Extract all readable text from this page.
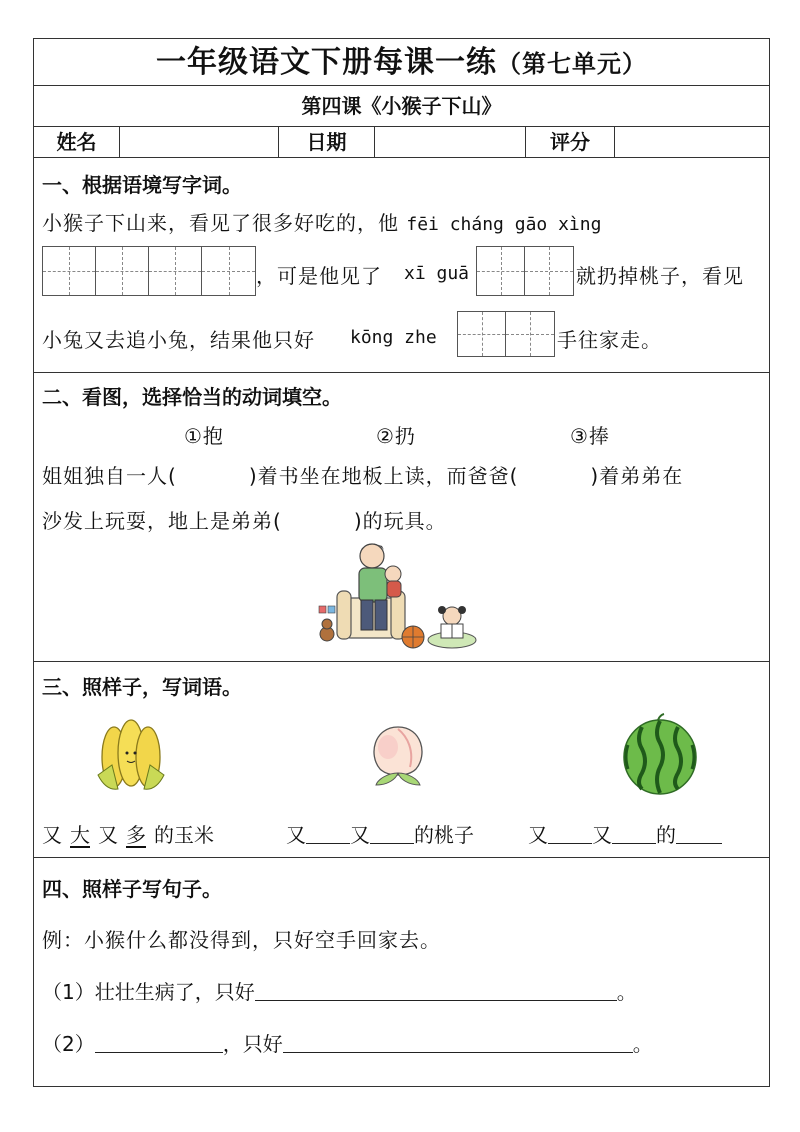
一年级语文下册每课一练（第七单元）
第四课《小猴子下山》
姓名	日期	评分
一、根据语境写字词。
小猴子下山来，看见了很多好吃的，他 fēi cháng gāo xìng
，可是他见了 xī guā	就扔掉桃子，看见
小兔又去追小兔，结果他只好 kōng zhe	手往家走。
二、看图，选择恰当的动词填空。
①抱	②扔	③捧
姐姐独自一人(	)着书坐在地板上读，而爸爸(	)着弟弟在
沙发上玩耍，地上是弟弟(	)的玩具。
三、照样子，写词语。
又 大 又 多 的玉米	又 又 的桃子	又 又 的
四、照样子写句子。
例：小猴什么都没得到，只好空手回家去。
（1）壮壮生病了，只好	。
（2）	，只好	。
